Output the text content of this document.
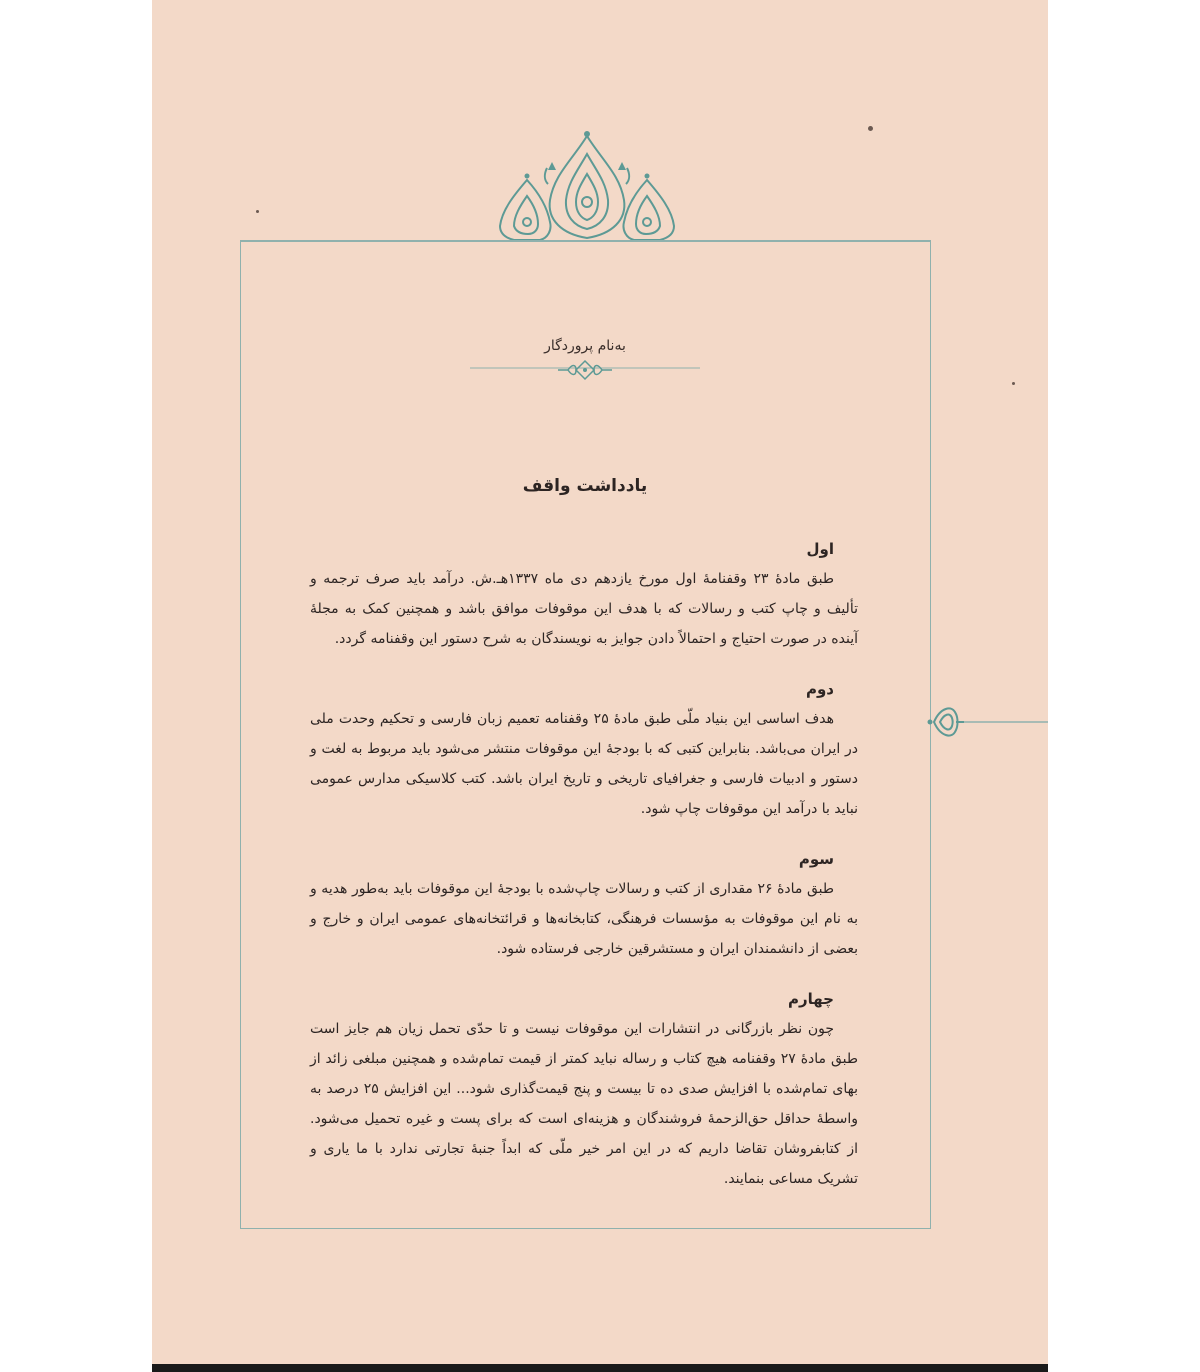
به‌نام پروردگار
یادداشت واقف
اول

طبق مادهٔ ۲۳ وقفنامهٔ اول مورخ یازدهم دی ماه ۱۳۳۷هـ.ش. درآمد باید صرف ترجمه و تألیف و چاپ کتب و رسالات که با هدف این موقوفات موافق باشد و همچنین کمک به مجلهٔ آینده در صورت احتیاج و احتمالاً دادن جوایز به نویسندگان به شرح دستور این وقفنامه گردد.

دوم

هدف اساسی این بنیاد ملّی طبق مادهٔ ۲۵ وقفنامه تعمیم زبان فارسی و تحکیم وحدت ملی در ایران می‌باشد. بنابراین کتبی که با بودجهٔ این موقوفات منتشر می‌شود باید مربوط به لغت و دستور و ادبیات فارسی و جغرافیای تاریخی و تاریخ ایران باشد. کتب کلاسیکی مدارس عمومی نباید با درآمد این موقوفات چاپ شود.

سوم

طبق مادهٔ ۲۶ مقداری از کتب و رسالات چاپ‌شده با بودجهٔ این موقوفات باید به‌طور هدیه و به نام این موقوفات به مؤسسات فرهنگی، کتابخانه‌ها و قرائتخانه‌های عمومی ایران و خارج و بعضی از دانشمندان ایران و مستشرقین خارجی فرستاده شود.

چهارم

چون نظر بازرگانی در انتشارات این موقوفات نیست و تا حدّی تحمل زیان هم جایز است طبق مادهٔ ۲۷ وقفنامه هیچ کتاب و رساله نباید کمتر از قیمت تمام‌شده و همچنین مبلغی زائد از بهای تمام‌شده با افزایش صدی ده تا بیست و پنج قیمت‌گذاری شود... این افزایش ۲۵ درصد به واسطهٔ حداقل حق‌الزحمهٔ فروشندگان و هزینه‌ای است که برای پست و غیره تحمیل می‌شود. از کتابفروشان تقاضا داریم که در این امر خیر ملّی که ابداً جنبهٔ تجارتی ندارد با ما یاری و تشریک مساعی بنمایند.
